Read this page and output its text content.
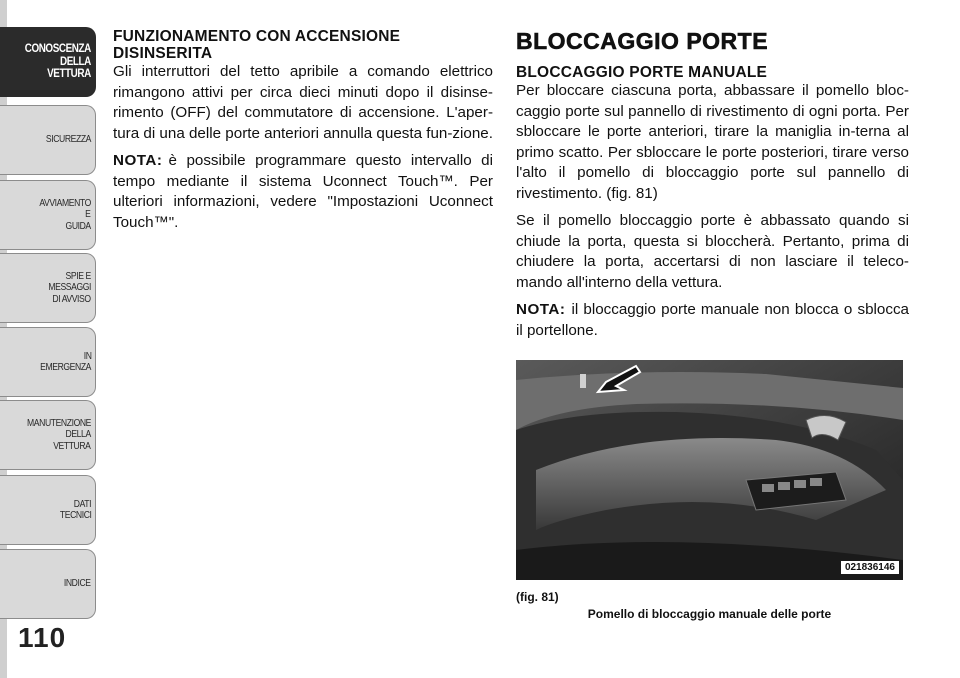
CONOSCENZA
DELLA
VETTURA
SICUREZZA
AVVIAMENTO
E
GUIDA
SPIE E
MESSAGGI
DI AVVISO
IN
EMERGENZA
MANUTENZIONE
DELLA
VETTURA
DATI
TECNICI
INDICE
110
FUNZIONAMENTO CON ACCENSIONE
DISINSERITA

Gli interruttori del tetto apribile a comando elettrico rimangono attivi per circa dieci minuti dopo il disinse-rimento (OFF) del commutatore di accensione. L'aper-tura di una delle porte anteriori annulla questa fun-zione.

NOTA: è possibile programmare questo intervallo di tempo mediante il sistema Uconnect Touch™. Per ulteriori informazioni, vedere "Impostazioni Uconnect Touch™".

BLOCCAGGIO PORTE
BLOCCAGGIO PORTE MANUALE

Per bloccare ciascuna porta, abbassare il pomello bloc-caggio porte sul pannello di rivestimento di ogni porta. Per sbloccare le porte anteriori, tirare la maniglia in-terna al primo scatto. Per sbloccare le porte posteriori, tirare verso l'alto il pomello di bloccaggio porte sul pannello di rivestimento. (fig. 81)

Se il pomello bloccaggio porte è abbassato quando si chiude la porta, questa si bloccherà. Pertanto, prima di chiudere la porta, accertarsi di non lasciare il teleco-mando all'interno della vettura.

NOTA: il bloccaggio porte manuale non blocca o sblocca il portellone.

021836146
(fig. 81)
Pomello di bloccaggio manuale delle porte
